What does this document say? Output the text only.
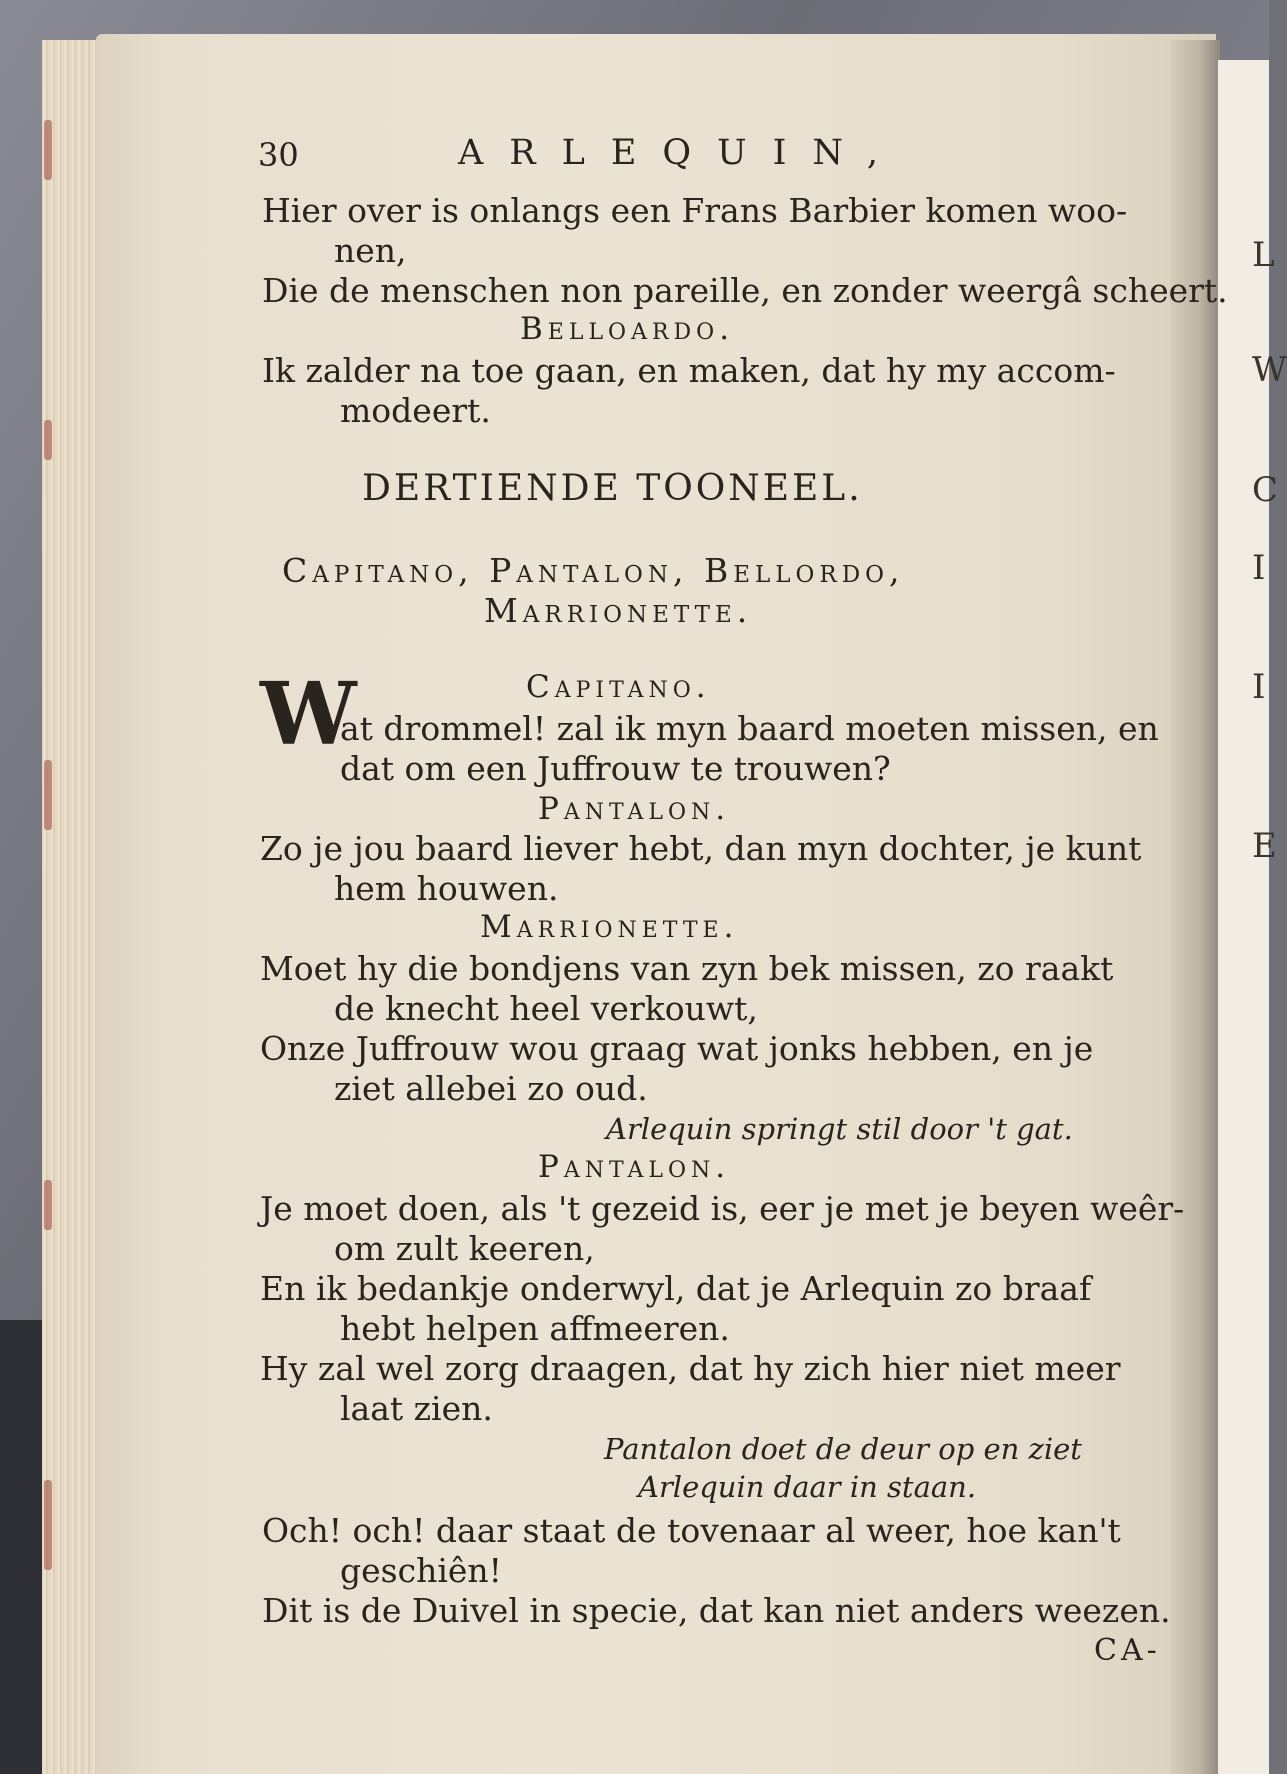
L
W
C
I
I
E
30	ARLEQUIN,
Hier over is onlangs een Frans Barbier komen woo-
nen,
Die de menschen non pareille, en zonder weergâ scheert.
Belloardo.
Ik zalder na toe gaan, en maken, dat hy my accom-
modeert.
DERTIENDE TOONEEL.
Capitano, Pantalon, Bellordo,
Marrionette.
W	Capitano.
at drommel! zal ik myn baard moeten missen, en
dat om een Juffrouw te trouwen?
Pantalon.
Zo je jou baard liever hebt, dan myn dochter, je kunt
hem houwen.
Marrionette.
Moet hy die bondjens van zyn bek missen, zo raakt
de knecht heel verkouwt,
Onze Juffrouw wou graag wat jonks hebben, en je
ziet allebei zo oud.
Arlequin springt stil door 't gat.
Pantalon.
Je moet doen, als 't gezeid is, eer je met je beyen weêr-
om zult keeren,
En ik bedankje onderwyl, dat je Arlequin zo braaf
hebt helpen affmeeren.
Hy zal wel zorg draagen, dat hy zich hier niet meer
laat zien.
Pantalon doet de deur op en ziet
Arlequin daar in staan.
Och! och! daar staat de tovenaar al weer, hoe kan't
geschiên!
Dit is de Duivel in specie, dat kan niet anders weezen.
CA-
